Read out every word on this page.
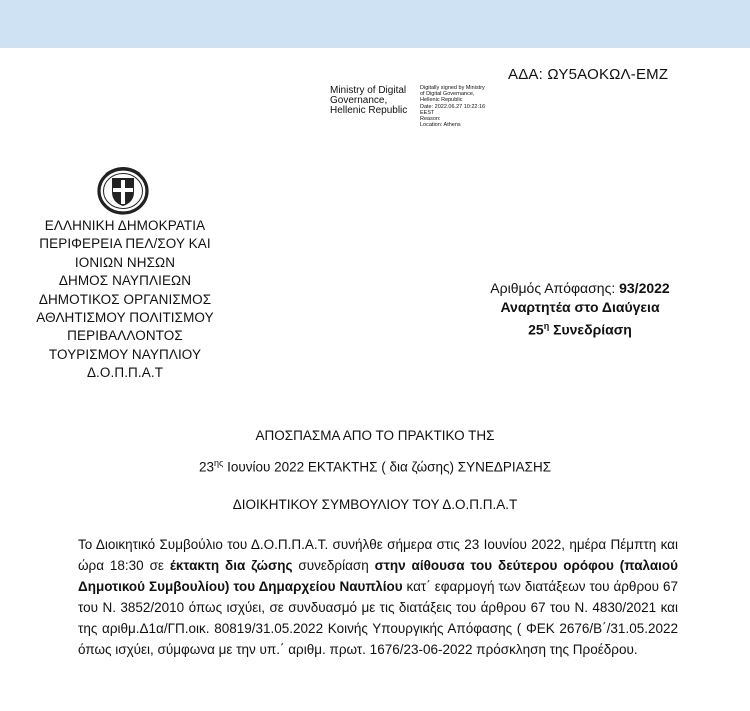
ΑΔΑ: ΩΥ5ΑΟΚΩΛ-ΕΜΖ
Ministry of Digital
Governance,
Hellenic Republic
Digitally signed by Ministry
of Digital Governance,
Hellenic Republic
Date: 2022.06.27 10:22:16
EEST
Reason:
Location: Athens
ΕΛΛΗΝΙΚΗ ΔΗΜΟΚΡΑΤΙΑ
ΠΕΡΙΦΕΡΕΙΑ ΠΕΛ/ΣΟΥ ΚΑΙ
ΙΟΝΙΩΝ ΝΗΣΩΝ
ΔΗΜΟΣ ΝΑΥΠΛΙΕΩΝ
ΔΗΜΟΤΙΚΟΣ ΟΡΓΑΝΙΣΜΟΣ
ΑΘΛΗΤΙΣΜΟΥ ΠΟΛΙΤΙΣΜΟΥ
ΠΕΡΙΒΑΛΛΟΝΤΟΣ
ΤΟΥΡΙΣΜΟΥ ΝΑΥΠΛΙΟΥ
Δ.Ο.Π.Π.Α.Τ
Αριθμός Απόφασης: 93/2022
Αναρτητέα στο Διαύγεια
$25^\eta$ Συνεδρίαση
ΑΠΟΣΠΑΣΜΑ ΑΠΟ ΤΟ ΠΡΑΚΤΙΚΟ ΤΗΣ
$23^{\eta\varsigma}$ Ιουνίου 2022 ΕΚΤΑΚΤΗΣ ( δια ζώσης) ΣΥΝΕΔΡΙΑΣΗΣ
ΔΙΟΙΚΗΤΙΚΟΥ ΣΥΜΒΟΥΛΙΟΥ ΤΟΥ Δ.Ο.Π.Π.Α.Τ
Το Διοικητικό Συμβούλιο του Δ.Ο.Π.Π.Α.Τ. συνήλθε σήμερα στις 23 Ιουνίου 2022, ημέρα Πέμπτη και ώρα 18:30 σε έκτακτη δια ζώσης συνεδρίαση στην αίθουσα του δεύτερου ορόφου (παλαιού Δημοτικού Συμβουλίου) του Δημαρχείου Ναυπλίου κατ΄ εφαρμογή των διατάξεων του άρθρου 67 του Ν. 3852/2010 όπως ισχύει, σε συνδυασμό με τις διατάξεις του άρθρου 67 του Ν. 4830/2021 και της αριθμ.Δ1α/ΓΠ.οικ. 80819/31.05.2022 Κοινής Υπουργικής Απόφασης ( ΦΕΚ 2676/Β΄/31.05.2022 όπως ισχύει, σύμφωνα με την υπ.΄ αριθμ. πρωτ. 1676/23-06-2022 πρόσκληση της Προέδρου.
